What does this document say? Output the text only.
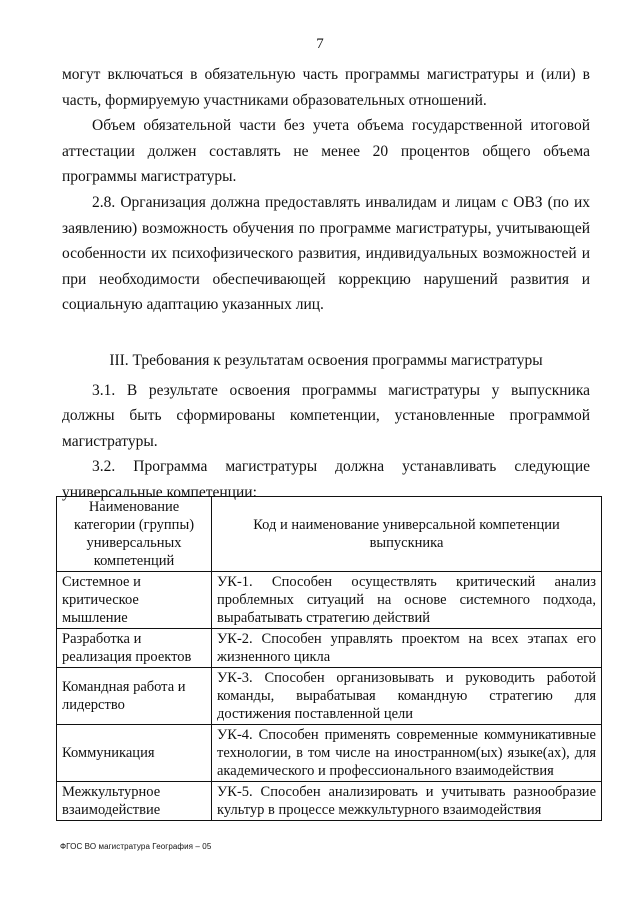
7

могут включаться в обязательную часть программы магистратуры и (или) в часть, формируемую участниками образовательных отношений.

Объем обязательной части без учета объема государственной итоговой аттестации должен составлять не менее 20 процентов общего объема программы магистратуры.

2.8. Организация должна предоставлять инвалидам и лицам с ОВЗ (по их заявлению) возможность обучения по программе магистратуры, учитывающей особенности их психофизического развития, индивидуальных возможностей и при необходимости обеспечивающей коррекцию нарушений развития и социальную адаптацию указанных лиц.

III. Требования к результатам освоения программы магистратуры

3.1. В результате освоения программы магистратуры у выпускника должны быть сформированы компетенции, установленные программой магистратуры.

3.2. Программа магистратуры должна устанавливать следующие

универсальные компетенции:

Наименование категории (группы) универсальных компетенций	Код и наименование универсальной компетенции выпускника
Системное и критическое мышление	УК-1. Способен осуществлять критический анализ проблемных ситуаций на основе системного подхода, вырабатывать стратегию действий
Разработка и реализация проектов	УК-2. Способен управлять проектом на всех этапах его жизненного цикла
Командная работа и лидерство	УК-3. Способен организовывать и руководить работой команды, вырабатывая командную стратегию для достижения поставленной цели
Коммуникация	УК-4. Способен применять современные коммуникативные технологии, в том числе на иностранном(ых) языке(ах), для академического и профессионального взаимодействия
Межкультурное взаимодействие	УК-5. Способен анализировать и учитывать разнообразие культур в процессе межкультурного взаимодействия
ФГОС ВО магистратура География – 05
